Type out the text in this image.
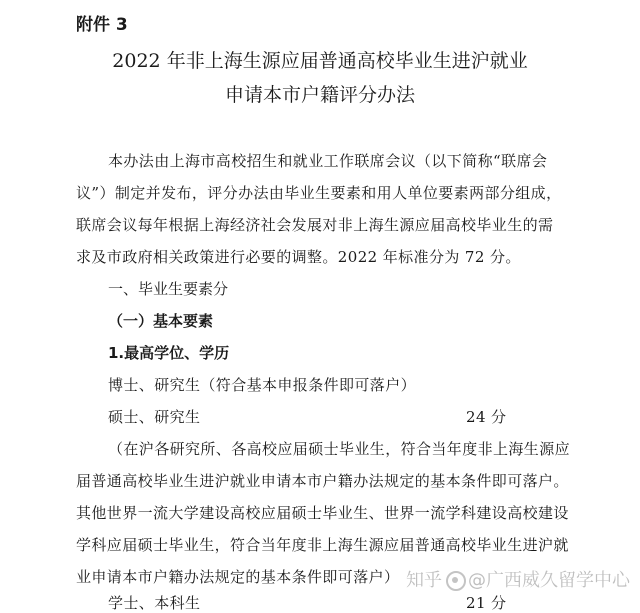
附件 3
2022 年非上海生源应届普通高校毕业生进沪就业
申请本市户籍评分办法
本办法由上海市高校招生和就业工作联席会议（以下简称“联席会
议”）制定并发布，评分办法由毕业生要素和用人单位要素两部分组成，
联席会议每年根据上海经济社会发展对非上海生源应届高校毕业生的需
求及市政府相关政策进行必要的调整。2022 年标准分为 72 分。
一、毕业生要素分
（一）基本要素
1.最高学位、学历
博士、研究生（符合基本申报条件即可落户）
硕士、研究生	24 分
（在沪各研究所、各高校应届硕士毕业生，符合当年度非上海生源应
届普通高校毕业生进沪就业申请本市户籍办法规定的基本条件即可落户。
其他世界一流大学建设高校应届硕士毕业生、世界一流学科建设高校建设
学科应届硕士毕业生，符合当年度非上海生源应届普通高校毕业生进沪就
业申请本市户籍办法规定的基本条件即可落户）
学士、本科生	21 分
知乎 @广西威久留学中心
